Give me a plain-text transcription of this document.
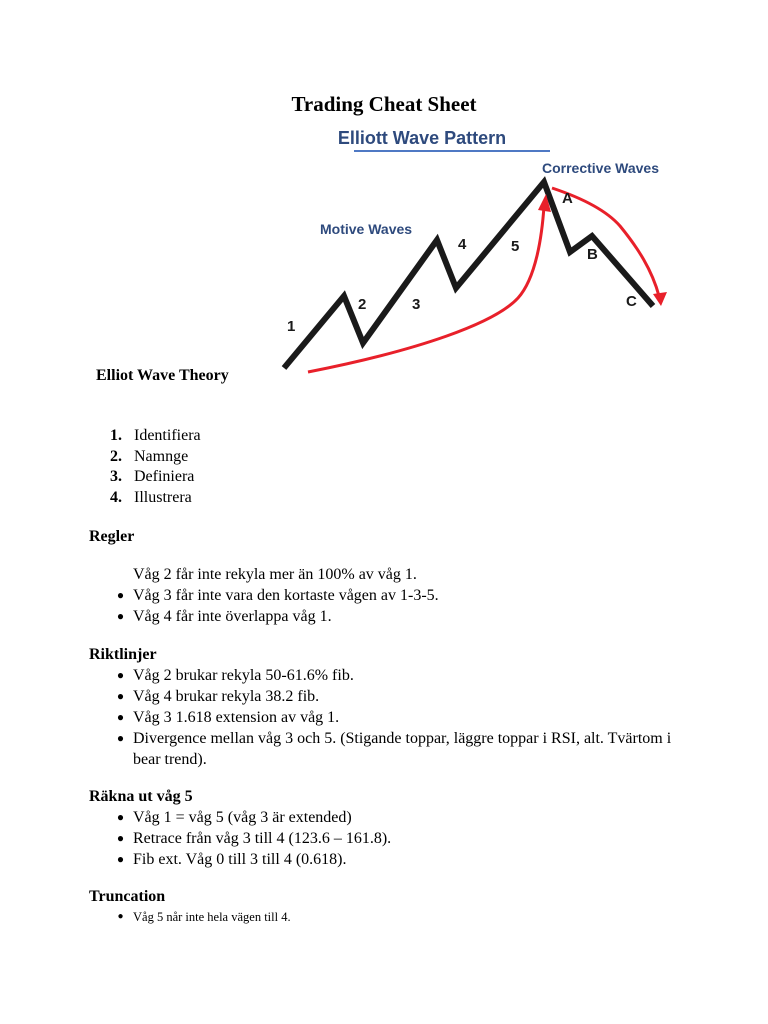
Trading Cheat Sheet
Elliott Wave Pattern
Motive Waves
Corrective Waves
1
2	3
4	5
A
B
C
Elliot Wave Theory
1. Identifiera
2. Namnge
3. Definiera
4. Illustrera
Regler
Våg 2 får inte rekyla mer än 100% av våg 1.
● Våg 3 får inte vara den kortaste vågen av 1-3-5.
● Våg 4 får inte överlappa våg 1.
Riktlinjer
● Våg 2 brukar rekyla 50-61.6% fib.
● Våg 4 brukar rekyla 38.2 fib.
● Våg 3 1.618 extension av våg 1.
● Divergence mellan våg 3 och 5. (Stigande toppar, läggre toppar i RSI, alt. Tvärtom i bear trend).
Räkna ut våg 5
● Våg 1 = våg 5 (våg 3 är extended)
● Retrace från våg 3 till 4 (123.6 – 161.8).
● Fib ext. Våg 0 till 3 till 4 (0.618).
Truncation
● Våg 5 når inte hela vägen till 4.
